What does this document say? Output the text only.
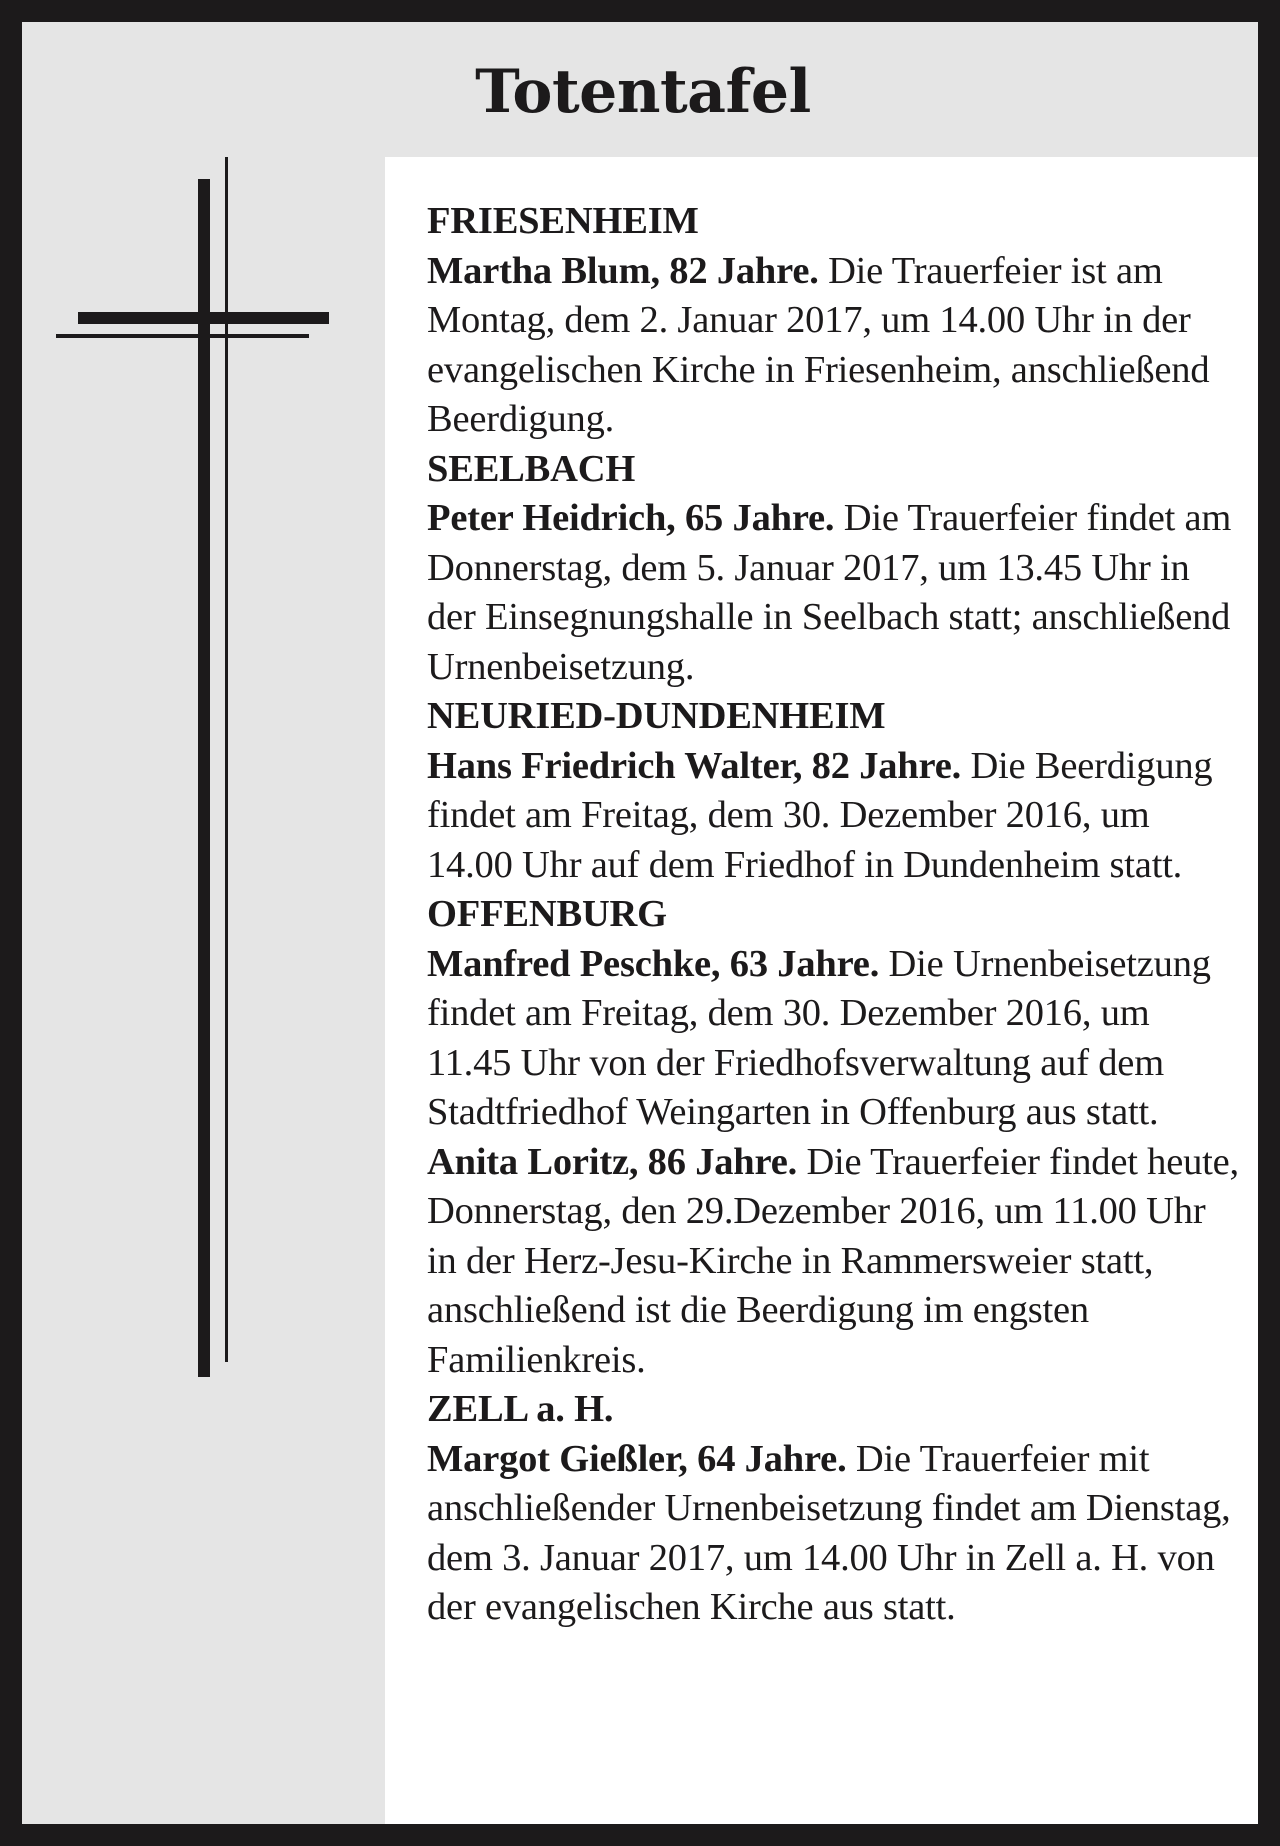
Totentafel

FRIESENHEIM

Martha Blum, 82 Jahre. Die Trauerfeier ist am Montag, dem 2. Januar 2017, um 14.00 Uhr in der evangelischen Kirche in Friesenheim, anschließend Beerdigung.

SEELBACH

Peter Heidrich, 65 Jahre. Die Trauerfeier findet am Donnerstag, dem 5. Januar 2017, um 13.45 Uhr in der Einsegnungshalle in Seelbach statt; anschließend Urnenbeisetzung.

NEURIED-DUNDENHEIM

Hans Friedrich Walter, 82 Jahre. Die Beerdigung findet am Freitag, dem 30. Dezember 2016, um 14.00 Uhr auf dem Friedhof in Dundenheim statt.

OFFENBURG

Manfred Peschke, 63 Jahre. Die Urnenbeisetzung findet am Freitag, dem 30. Dezember 2016, um 11.45 Uhr von der Friedhofsverwaltung auf dem Stadtfriedhof Weingarten in Offenburg aus statt.

Anita Loritz, 86 Jahre. Die Trauerfeier findet heute, Donnerstag, den 29.Dezember 2016, um 11.00 Uhr in der Herz-Jesu-Kirche in Rammersweier statt, anschließend ist die Beerdigung im engsten Familienkreis.

ZELL a. H.

Margot Gießler, 64 Jahre. Die Trauerfeier mit anschließender Urnenbeisetzung findet am Dienstag, dem 3. Januar 2017, um 14.00 Uhr in Zell a. H. von der evangelischen Kirche aus statt.
